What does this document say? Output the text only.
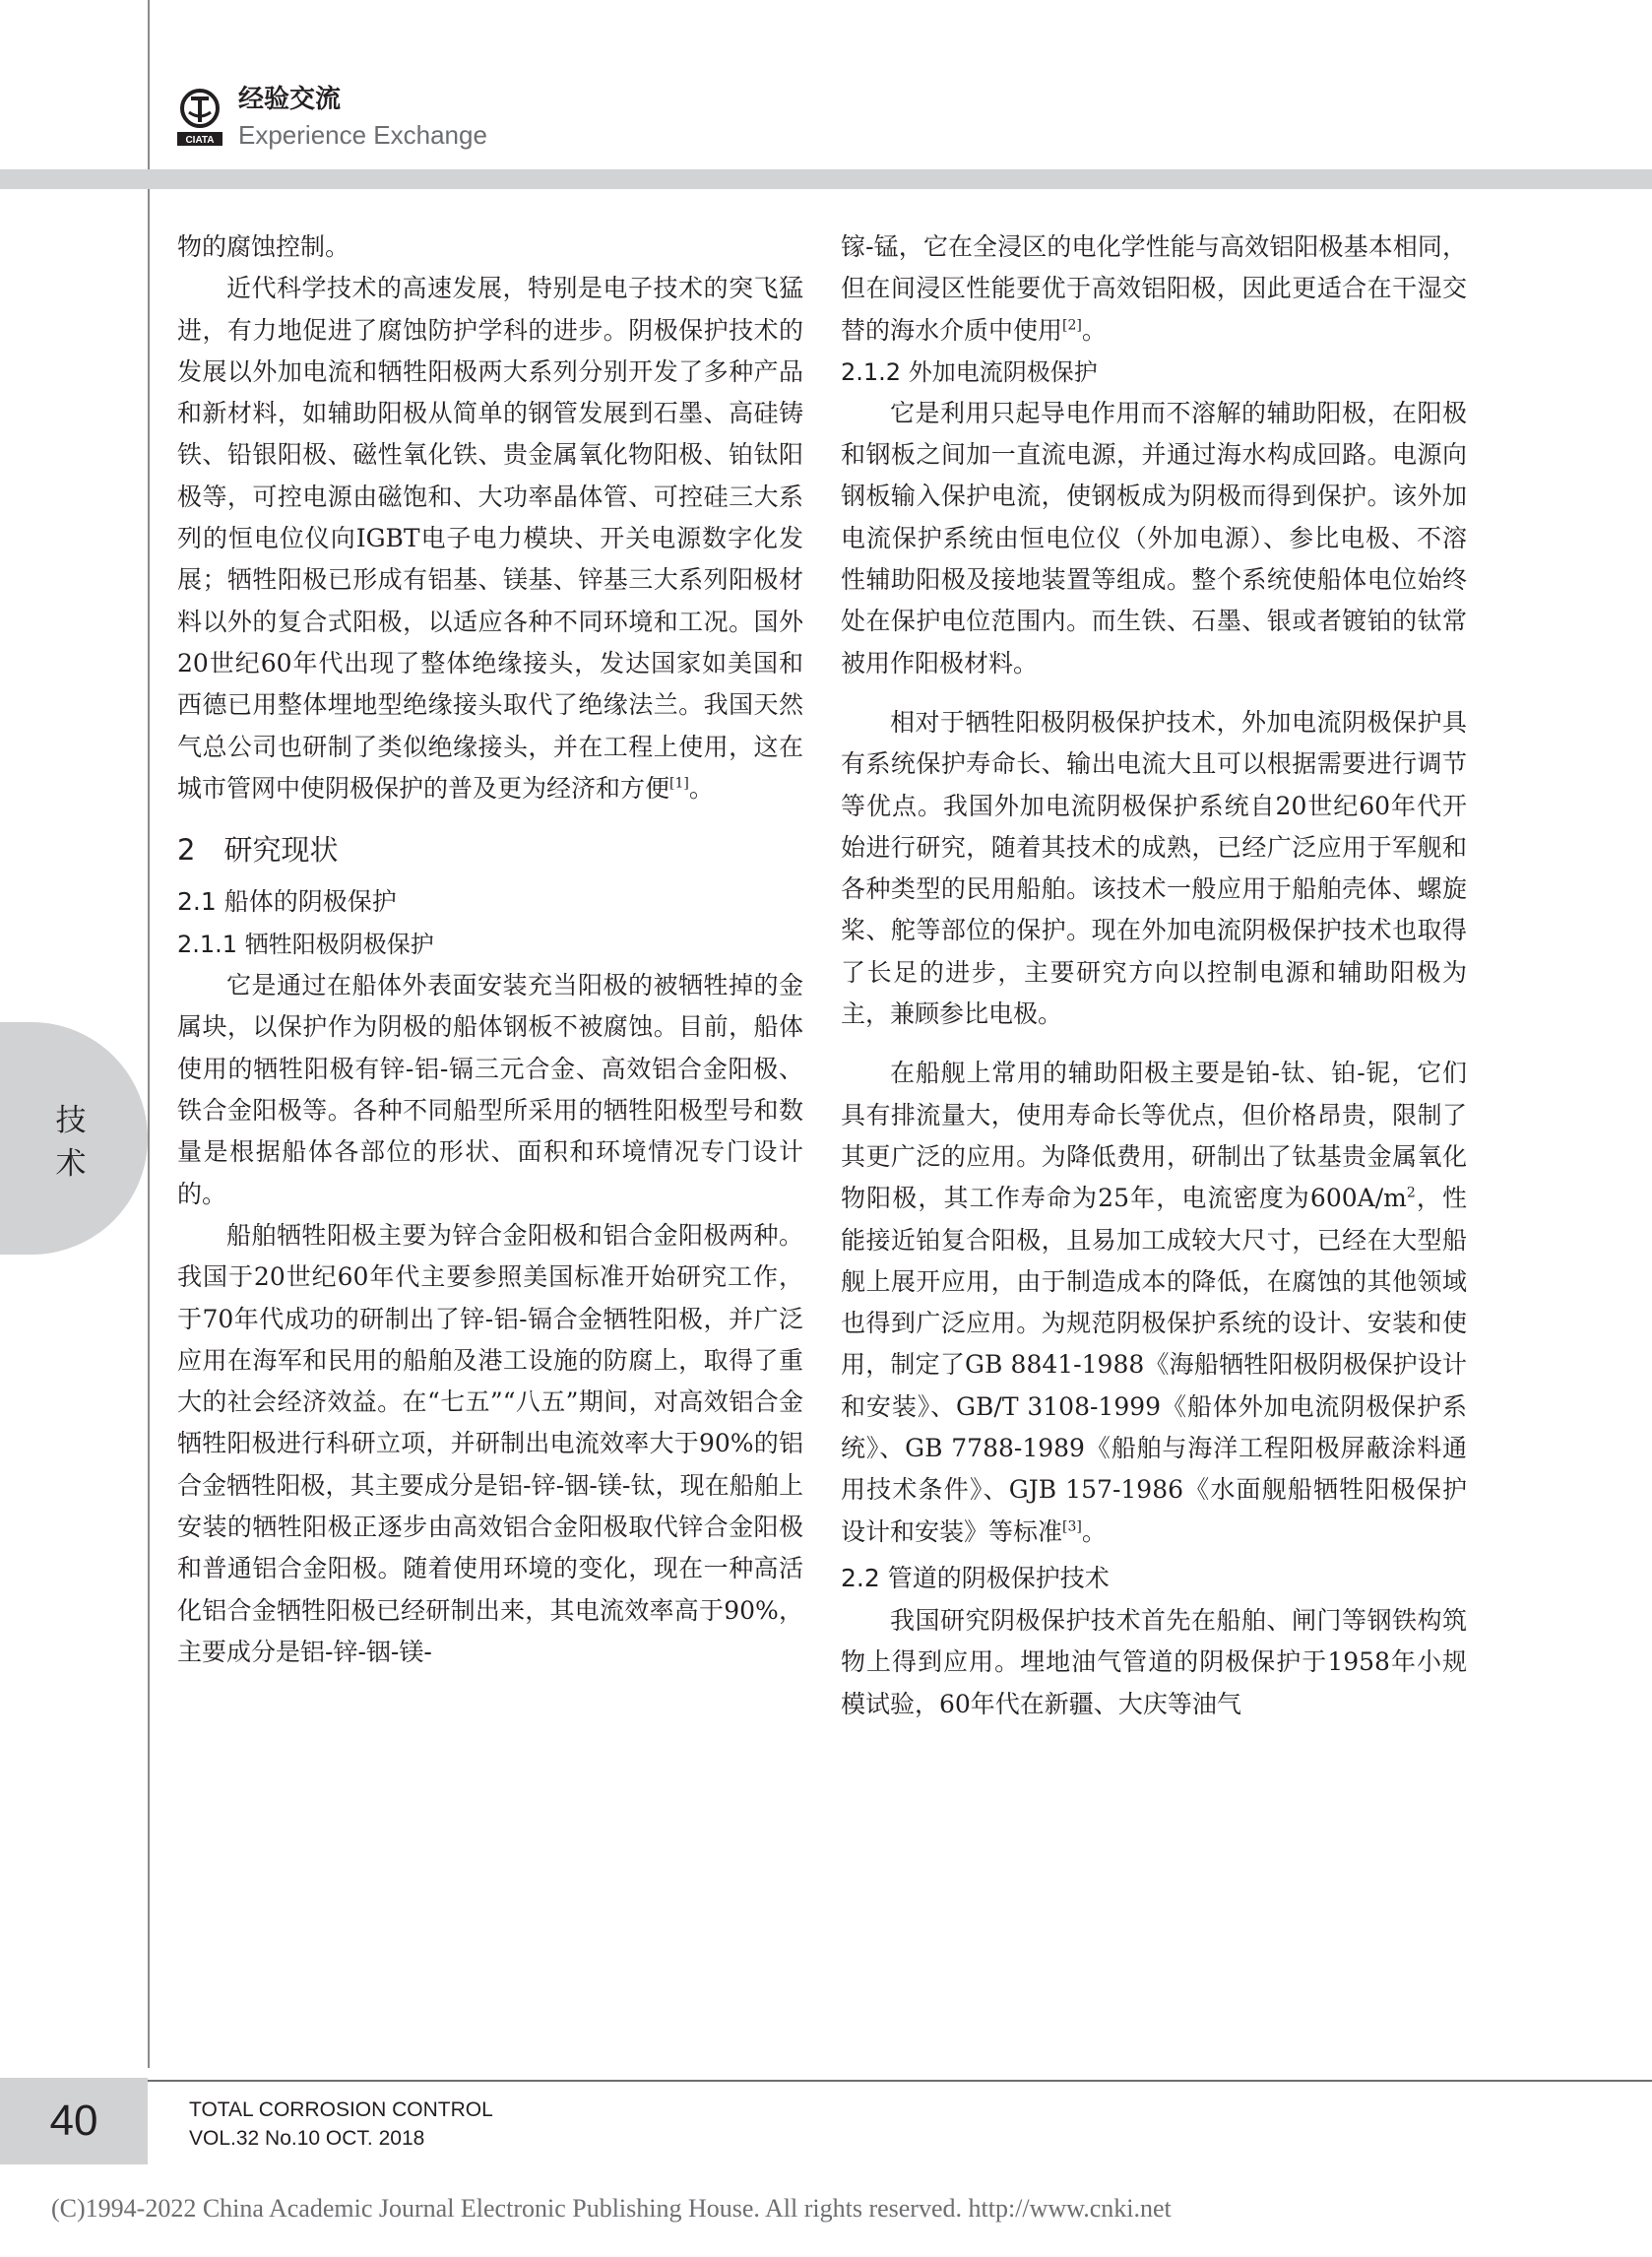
CIATA
经验交流
Experience Exchange

物的腐蚀控制。

近代科学技术的高速发展，特别是电子技术的突飞猛进，有力地促进了腐蚀防护学科的进步。阴极保护技术的发展以外加电流和牺牲阳极两大系列分别开发了多种产品和新材料，如辅助阳极从简单的钢管发展到石墨、高硅铸铁、铅银阳极、磁性氧化铁、贵金属氧化物阳极、铂钛阳极等，可控电源由磁饱和、大功率晶体管、可控硅三大系列的恒电位仪向IGBT电子电力模块、开关电源数字化发展；牺牲阳极已形成有铝基、镁基、锌基三大系列阳极材料以外的复合式阳极，以适应各种不同环境和工况。国外20世纪60年代出现了整体绝缘接头，发达国家如美国和西德已用整体埋地型绝缘接头取代了绝缘法兰。我国天然气总公司也研制了类似绝缘接头，并在工程上使用，这在城市管网中使阴极保护的普及更为经济和方便[1]。

2　研究现状
2.1 船体的阴极保护
2.1.1 牺牲阳极阴极保护

它是通过在船体外表面安装充当阳极的被牺牲掉的金属块，以保护作为阴极的船体钢板不被腐蚀。目前，船体使用的牺牲阳极有锌-铝-镉三元合金、高效铝合金阳极、铁合金阳极等。各种不同船型所采用的牺牲阳极型号和数量是根据船体各部位的形状、面积和环境情况专门设计的。

船舶牺牲阳极主要为锌合金阳极和铝合金阳极两种。我国于20世纪60年代主要参照美国标准开始研究工作，于70年代成功的研制出了锌-铝-镉合金牺牲阳极，并广泛应用在海军和民用的船舶及港工设施的防腐上，取得了重大的社会经济效益。在“七五”“八五”期间，对高效铝合金牺牲阳极进行科研立项，并研制出电流效率大于90%的铝合金牺牲阳极，其主要成分是铝-锌-铟-镁-钛，现在船舶上安装的牺牲阳极正逐步由高效铝合金阳极取代锌合金阳极和普通铝合金阳极。随着使用环境的变化，现在一种高活化铝合金牺牲阳极已经研制出来，其电流效率高于90%，主要成分是铝-锌-铟-镁-

镓-锰，它在全浸区的电化学性能与高效铝阳极基本相同，但在间浸区性能要优于高效铝阳极，因此更适合在干湿交替的海水介质中使用[2]。

2.1.2 外加电流阴极保护

它是利用只起导电作用而不溶解的辅助阳极，在阳极和钢板之间加一直流电源，并通过海水构成回路。电源向钢板输入保护电流，使钢板成为阴极而得到保护。该外加电流保护系统由恒电位仪（外加电源）、参比电极、不溶性辅助阳极及接地装置等组成。整个系统使船体电位始终处在保护电位范围内。而生铁、石墨、银或者镀铂的钛常被用作阳极材料。

相对于牺牲阳极阴极保护技术，外加电流阴极保护具有系统保护寿命长、输出电流大且可以根据需要进行调节等优点。我国外加电流阴极保护系统自20世纪60年代开始进行研究，随着其技术的成熟，已经广泛应用于军舰和各种类型的民用船舶。该技术一般应用于船舶壳体、螺旋桨、舵等部位的保护。现在外加电流阴极保护技术也取得了长足的进步，主要研究方向以控制电源和辅助阳极为主，兼顾参比电极。

在船舰上常用的辅助阳极主要是铂-钛、铂-铌，它们具有排流量大，使用寿命长等优点，但价格昂贵，限制了其更广泛的应用。为降低费用，研制出了钛基贵金属氧化物阳极，其工作寿命为25年，电流密度为$600A/m^2$，性能接近铂复合阳极，且易加工成较大尺寸，已经在大型船舰上展开应用，由于制造成本的降低，在腐蚀的其他领域也得到广泛应用。为规范阴极保护系统的设计、安装和使用，制定了GB 8841-1988《海船牺牲阳极阴极保护设计和安装》、GB/T 3108-1999《船体外加电流阴极保护系统》、GB 7788-1989《船舶与海洋工程阳极屏蔽涂料通用技术条件》、GJB 157-1986《水面舰船牺牲阳极保护设计和安装》等标准[3]。

2.2 管道的阴极保护技术

我国研究阴极保护技术首先在船舶、闸门等钢铁构筑物上得到应用。埋地油气管道的阴极保护于1958年小规模试验，60年代在新疆、大庆等油气

技
术
40	TOTAL CORROSION CONTROL
VOL.32 No.10 OCT. 2018
(C)1994-2022 China Academic Journal Electronic Publishing House. All rights reserved. http://www.cnki.net
